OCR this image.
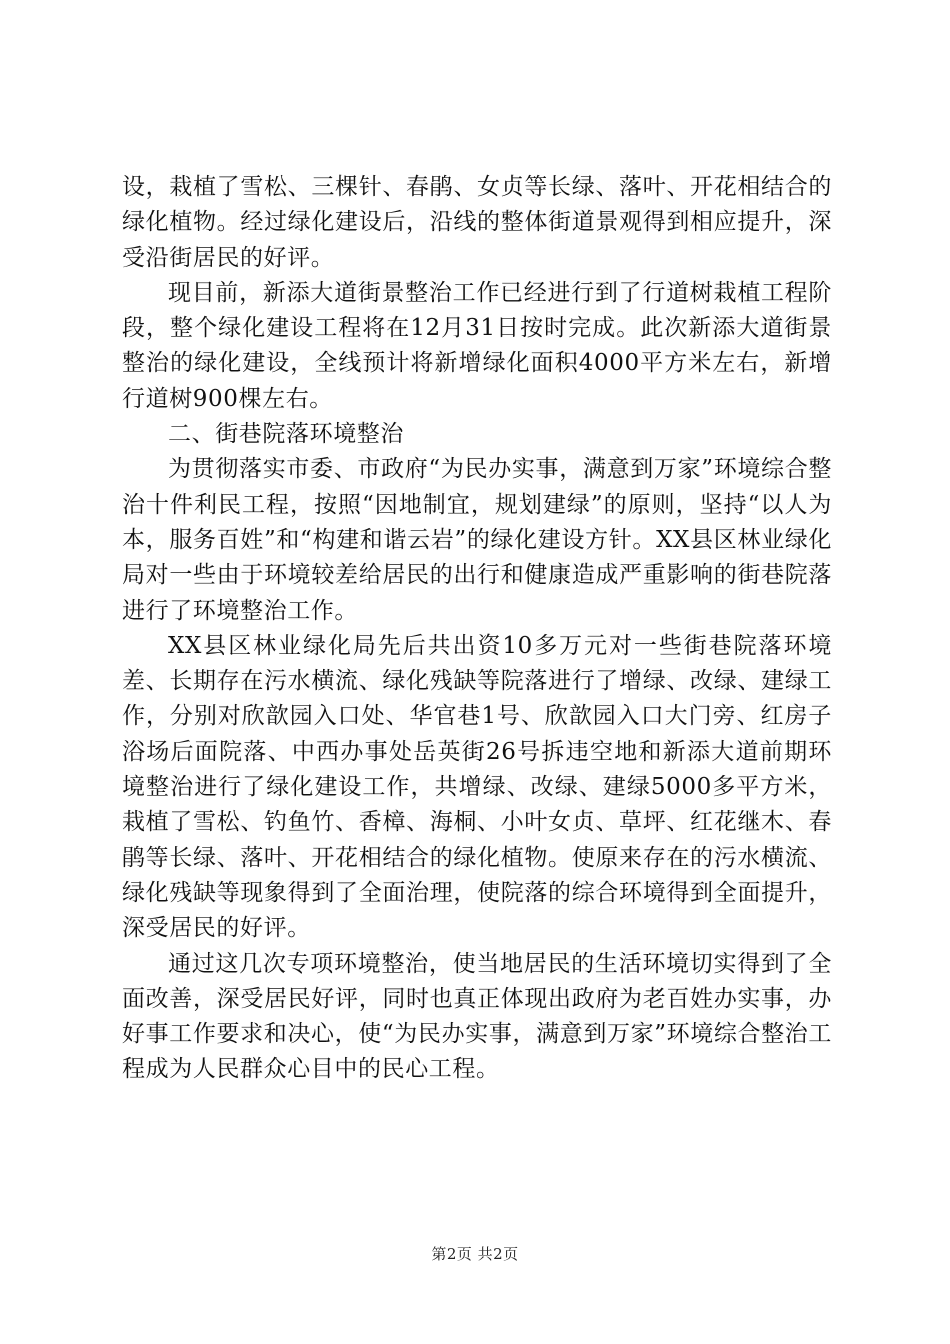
设，栽植了雪松、三棵针、春鹃、女贞等长绿、落叶、开花相结合的绿化植物。经过绿化建设后，沿线的整体街道景观得到相应提升，深受沿街居民的好评。

现目前，新添大道街景整治工作已经进行到了行道树栽植工程阶段，整个绿化建设工程将在12月31日按时完成。此次新添大道街景整治的绿化建设，全线预计将新增绿化面积4000平方米左右，新增行道树900棵左右。

二、街巷院落环境整治

为贯彻落实市委、市政府“为民办实事，满意到万家”环境综合整治十件利民工程，按照“因地制宜，规划建绿”的原则，坚持“以人为本，服务百姓”和“构建和谐云岩”的绿化建设方针。XX县区林业绿化局对一些由于环境较差给居民的出行和健康造成严重影响的街巷院落进行了环境整治工作。

XX县区林业绿化局先后共出资10多万元对一些街巷院落环境差、长期存在污水横流、绿化残缺等院落进行了增绿、改绿、建绿工作，分别对欣歆园入口处、华官巷1号、欣歆园入口大门旁、红房子浴场后面院落、中西办事处岳英街26号拆违空地和新添大道前期环境整治进行了绿化建设工作，共增绿、改绿、建绿5000多平方米，栽植了雪松、钓鱼竹、香樟、海桐、小叶女贞、草坪、红花继木、春鹃等长绿、落叶、开花相结合的绿化植物。使原来存在的污水横流、绿化残缺等现象得到了全面治理，使院落的综合环境得到全面提升，深受居民的好评。

通过这几次专项环境整治，使当地居民的生活环境切实得到了全面改善，深受居民好评，同时也真正体现出政府为老百姓办实事，办好事工作要求和决心，使“为民办实事，满意到万家”环境综合整治工程成为人民群众心目中的民心工程。

第2页 共2页
